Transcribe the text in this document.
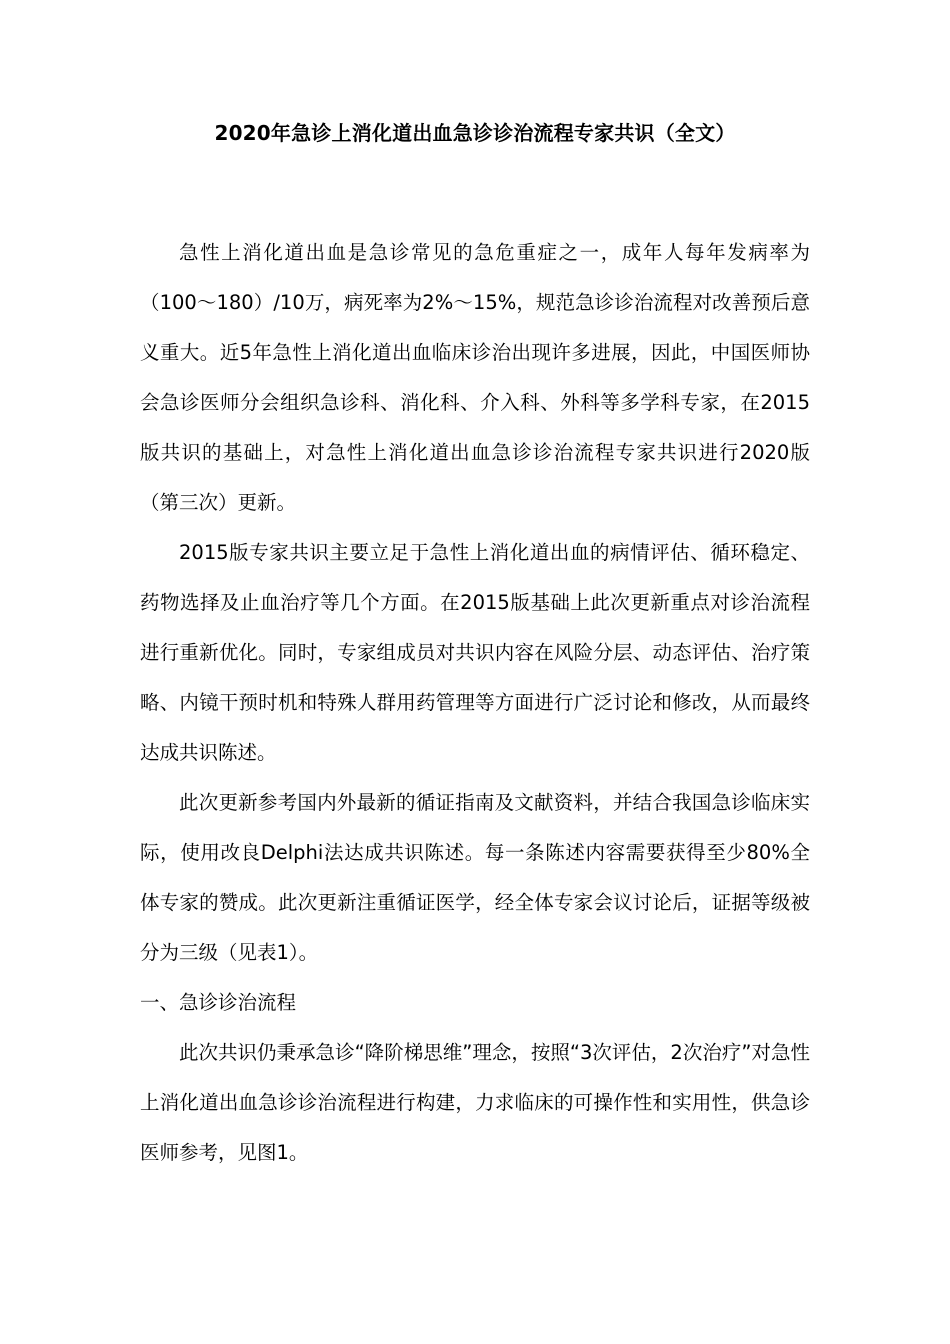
2020年急诊上消化道出血急诊诊治流程专家共识（全文）

急性上消化道出血是急诊常见的急危重症之一，成年人每年发病率为（100～180）/10万，病死率为2%～15%，规范急诊诊治流程对改善预后意义重大。近5年急性上消化道出血临床诊治出现许多进展，因此，中国医师协会急诊医师分会组织急诊科、消化科、介入科、外科等多学科专家，在2015版共识的基础上，对急性上消化道出血急诊诊治流程专家共识进行2020版（第三次）更新。

2015版专家共识主要立足于急性上消化道出血的病情评估、循环稳定、药物选择及止血治疗等几个方面。在2015版基础上此次更新重点对诊治流程进行重新优化。同时，专家组成员对共识内容在风险分层、动态评估、治疗策略、内镜干预时机和特殊人群用药管理等方面进行广泛讨论和修改，从而最终达成共识陈述。

此次更新参考国内外最新的循证指南及文献资料，并结合我国急诊临床实际，使用改良Delphi法达成共识陈述。每一条陈述内容需要获得至少80%全体专家的赞成。此次更新注重循证医学，经全体专家会议讨论后，证据等级被分为三级（见表1）。

一、急诊诊治流程

此次共识仍秉承急诊“降阶梯思维”理念，按照“3次评估，2次治疗”对急性上消化道出血急诊诊治流程进行构建，力求临床的可操作性和实用性，供急诊医师参考，见图1。
